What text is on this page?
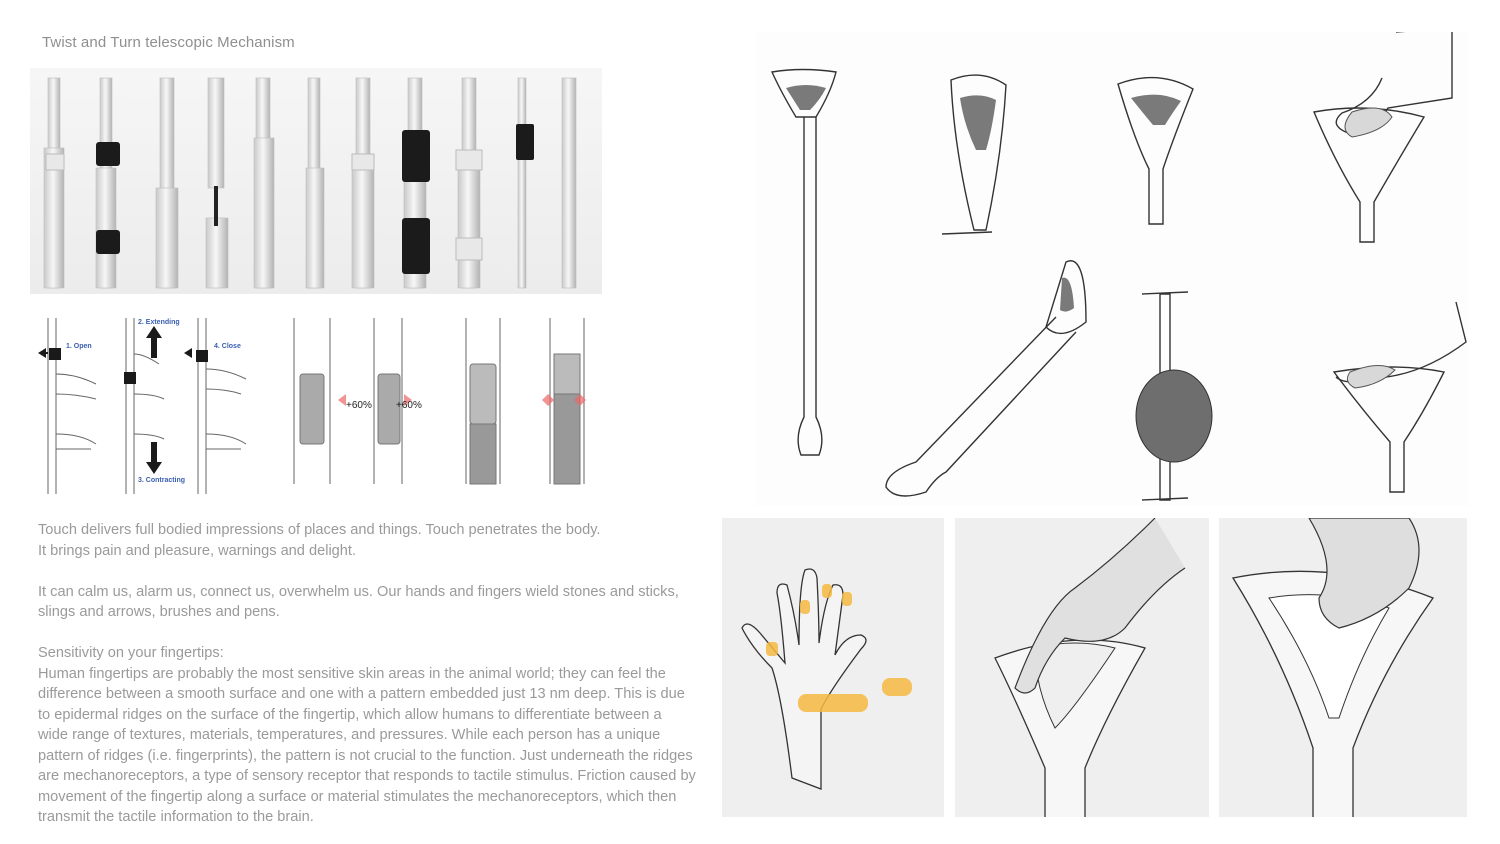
Twist and Turn telescopic Mechanism
1. Open
2. Extending
4. Close
3. Contracting
+60% +60%

Touch delivers full bodied impressions of places and things. Touch penetrates the body.
It brings pain and pleasure, warnings and delight.

It can calm us, alarm us, connect us, overwhelm us. Our hands and fingers wield stones and sticks,
slings and arrows, brushes and pens.

Sensitivity on your fingertips:
Human fingertips are probably the most sensitive skin areas in the animal world; they can feel the
difference between a smooth surface and one with a pattern embedded just 13 nm deep. This is due
to epidermal ridges on the surface of the fingertip, which allow humans to differentiate between a
wide range of textures, materials, temperatures, and pressures. While each person has a unique
pattern of ridges (i.e. fingerprints), the pattern is not crucial to the function. Just underneath the ridges
are mechanoreceptors, a type of sensory receptor that responds to tactile stimulus. Friction caused by
movement of the fingertip along a surface or material stimulates the mechanoreceptors, which then
transmit the tactile information to the brain.
